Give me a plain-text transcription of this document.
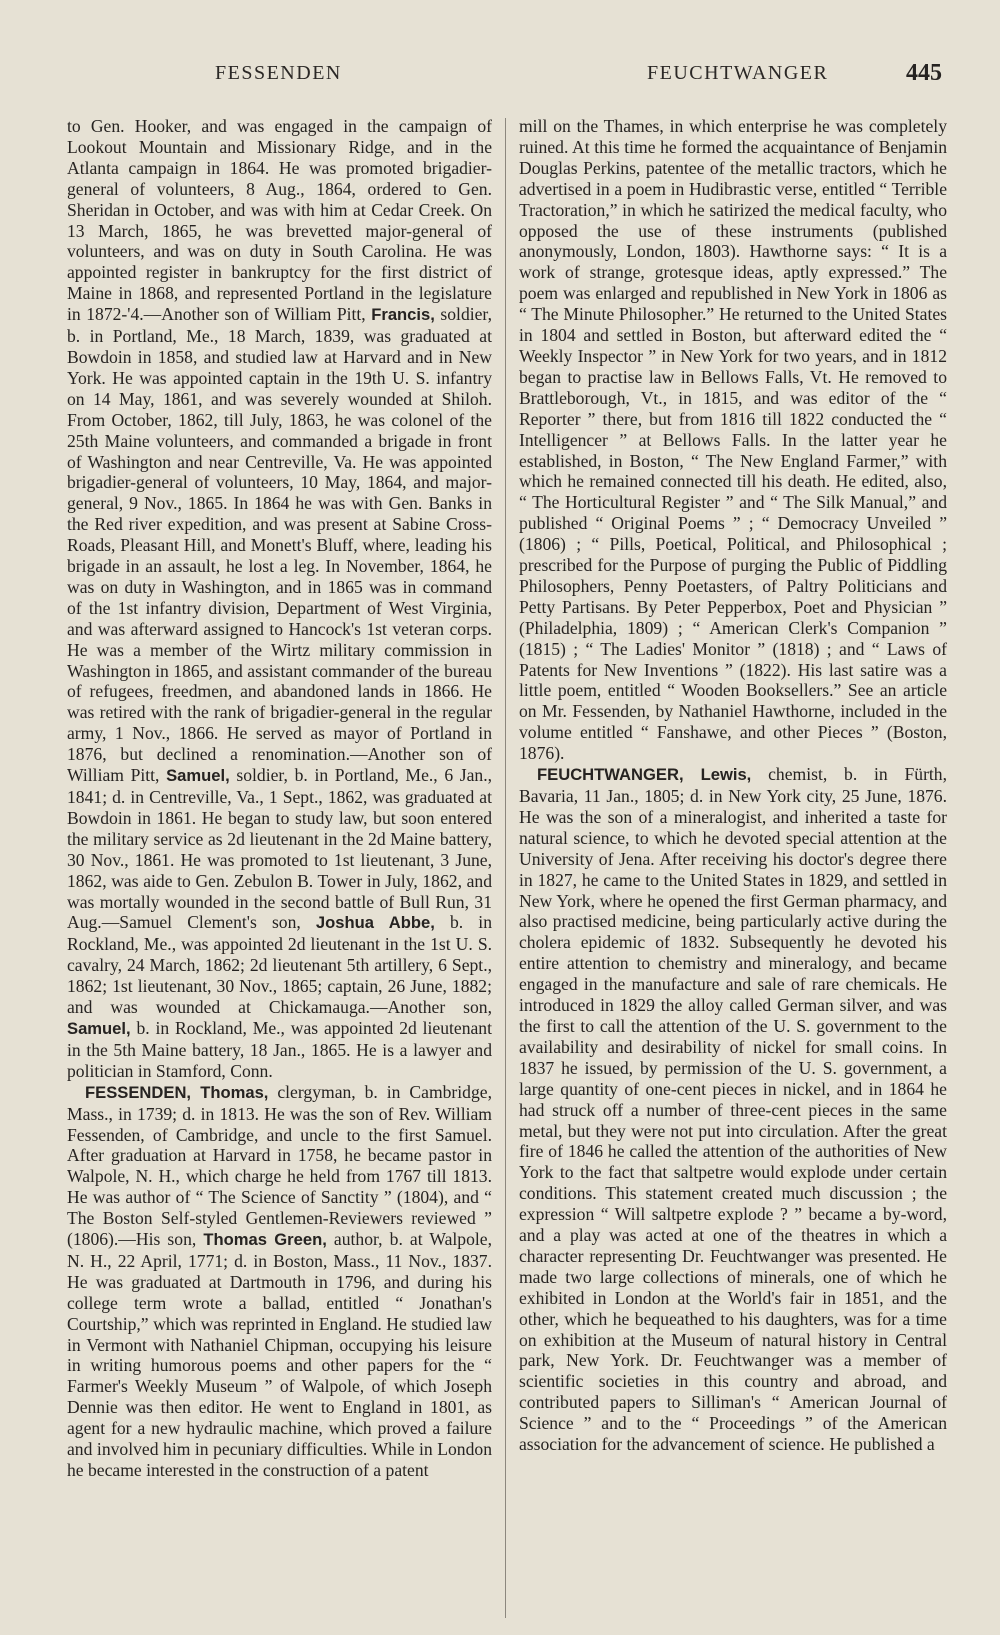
FESSENDEN	FEUCHTWANGER	445

to Gen. Hooker, and was engaged in the campaign of Lookout Mountain and Missionary Ridge, and in the Atlanta campaign in 1864. He was promoted brigadier-general of volunteers, 8 Aug., 1864, ordered to Gen. Sheridan in October, and was with him at Cedar Creek. On 13 March, 1865, he was brevetted major-general of volunteers, and was on duty in South Carolina. He was appointed register in bankruptcy for the first district of Maine in 1868, and represented Portland in the legislature in 1872-'4.—Another son of William Pitt, Francis, soldier, b. in Portland, Me., 18 March, 1839, was graduated at Bowdoin in 1858, and studied law at Harvard and in New York. He was appointed captain in the 19th U. S. infantry on 14 May, 1861, and was severely wounded at Shiloh. From October, 1862, till July, 1863, he was colonel of the 25th Maine volunteers, and commanded a brigade in front of Washington and near Centreville, Va. He was appointed brigadier-general of volunteers, 10 May, 1864, and major-general, 9 Nov., 1865. In 1864 he was with Gen. Banks in the Red river expedition, and was present at Sabine Cross-Roads, Pleasant Hill, and Monett's Bluff, where, leading his brigade in an assault, he lost a leg. In November, 1864, he was on duty in Washington, and in 1865 was in command of the 1st infantry division, Department of West Virginia, and was afterward assigned to Hancock's 1st veteran corps. He was a member of the Wirtz military commission in Washington in 1865, and assistant commander of the bureau of refugees, freedmen, and abandoned lands in 1866. He was retired with the rank of brigadier-general in the regular army, 1 Nov., 1866. He served as mayor of Portland in 1876, but declined a renomination.—Another son of William Pitt, Samuel, soldier, b. in Portland, Me., 6 Jan., 1841; d. in Centreville, Va., 1 Sept., 1862, was graduated at Bowdoin in 1861. He began to study law, but soon entered the military service as 2d lieutenant in the 2d Maine battery, 30 Nov., 1861. He was promoted to 1st lieutenant, 3 June, 1862, was aide to Gen. Zebulon B. Tower in July, 1862, and was mortally wounded in the second battle of Bull Run, 31 Aug.—Samuel Clement's son, Joshua Abbe, b. in Rockland, Me., was appointed 2d lieutenant in the 1st U. S. cavalry, 24 March, 1862; 2d lieutenant 5th artillery, 6 Sept., 1862; 1st lieutenant, 30 Nov., 1865; captain, 26 June, 1882; and was wounded at Chickamauga.—Another son, Samuel, b. in Rockland, Me., was appointed 2d lieutenant in the 5th Maine battery, 18 Jan., 1865. He is a lawyer and politician in Stamford, Conn.

FESSENDEN, Thomas, clergyman, b. in Cambridge, Mass., in 1739; d. in 1813. He was the son of Rev. William Fessenden, of Cambridge, and uncle to the first Samuel. After graduation at Harvard in 1758, he became pastor in Walpole, N. H., which charge he held from 1767 till 1813. He was author of “ The Science of Sanctity ” (1804), and “ The Boston Self-styled Gentlemen-Reviewers reviewed ” (1806).—His son, Thomas Green, author, b. at Walpole, N. H., 22 April, 1771; d. in Boston, Mass., 11 Nov., 1837. He was graduated at Dartmouth in 1796, and during his college term wrote a ballad, entitled “ Jonathan's Courtship,” which was reprinted in England. He studied law in Vermont with Nathaniel Chipman, occupying his leisure in writing humorous poems and other papers for the “ Farmer's Weekly Museum ” of Walpole, of which Joseph Dennie was then editor. He went to England in 1801, as agent for a new hydraulic machine, which proved a failure and involved him in pecuniary difficulties. While in London he became interested in the construction of a patent

mill on the Thames, in which enterprise he was completely ruined. At this time he formed the acquaintance of Benjamin Douglas Perkins, patentee of the metallic tractors, which he advertised in a poem in Hudibrastic verse, entitled “ Terrible Tractoration,” in which he satirized the medical faculty, who opposed the use of these instruments (published anonymously, London, 1803). Hawthorne says: “ It is a work of strange, grotesque ideas, aptly expressed.” The poem was enlarged and republished in New York in 1806 as “ The Minute Philosopher.” He returned to the United States in 1804 and settled in Boston, but afterward edited the “ Weekly Inspector ” in New York for two years, and in 1812 began to practise law in Bellows Falls, Vt. He removed to Brattleborough, Vt., in 1815, and was editor of the “ Reporter ” there, but from 1816 till 1822 conducted the “ Intelligencer ” at Bellows Falls. In the latter year he established, in Boston, “ The New England Farmer,” with which he remained connected till his death. He edited, also, “ The Horticultural Register ” and “ The Silk Manual,” and published “ Original Poems ” ; “ Democracy Unveiled ” (1806) ; “ Pills, Poetical, Political, and Philosophical ; prescribed for the Purpose of purging the Public of Piddling Philosophers, Penny Poetasters, of Paltry Politicians and Petty Partisans. By Peter Pepperbox, Poet and Physician ” (Philadelphia, 1809) ; “ American Clerk's Companion ” (1815) ; “ The Ladies' Monitor ” (1818) ; and “ Laws of Patents for New Inventions ” (1822). His last satire was a little poem, entitled “ Wooden Booksellers.” See an article on Mr. Fessenden, by Nathaniel Hawthorne, included in the volume entitled “ Fanshawe, and other Pieces ” (Boston, 1876).

FEUCHTWANGER, Lewis, chemist, b. in Fürth, Bavaria, 11 Jan., 1805; d. in New York city, 25 June, 1876. He was the son of a mineralogist, and inherited a taste for natural science, to which he devoted special attention at the University of Jena. After receiving his doctor's degree there in 1827, he came to the United States in 1829, and settled in New York, where he opened the first German pharmacy, and also practised medicine, being particularly active during the cholera epidemic of 1832. Subsequently he devoted his entire attention to chemistry and mineralogy, and became engaged in the manufacture and sale of rare chemicals. He introduced in 1829 the alloy called German silver, and was the first to call the attention of the U. S. government to the availability and desirability of nickel for small coins. In 1837 he issued, by permission of the U. S. government, a large quantity of one-cent pieces in nickel, and in 1864 he had struck off a number of three-cent pieces in the same metal, but they were not put into circulation. After the great fire of 1846 he called the attention of the authorities of New York to the fact that saltpetre would explode under certain conditions. This statement created much discussion ; the expression “ Will saltpetre explode ? ” became a by-word, and a play was acted at one of the theatres in which a character representing Dr. Feuchtwanger was presented. He made two large collections of minerals, one of which he exhibited in London at the World's fair in 1851, and the other, which he bequeathed to his daughters, was for a time on exhibition at the Museum of natural history in Central park, New York. Dr. Feuchtwanger was a member of scientific societies in this country and abroad, and contributed papers to Silliman's “ American Journal of Science ” and to the “ Proceedings ” of the American association for the advancement of science. He published a
